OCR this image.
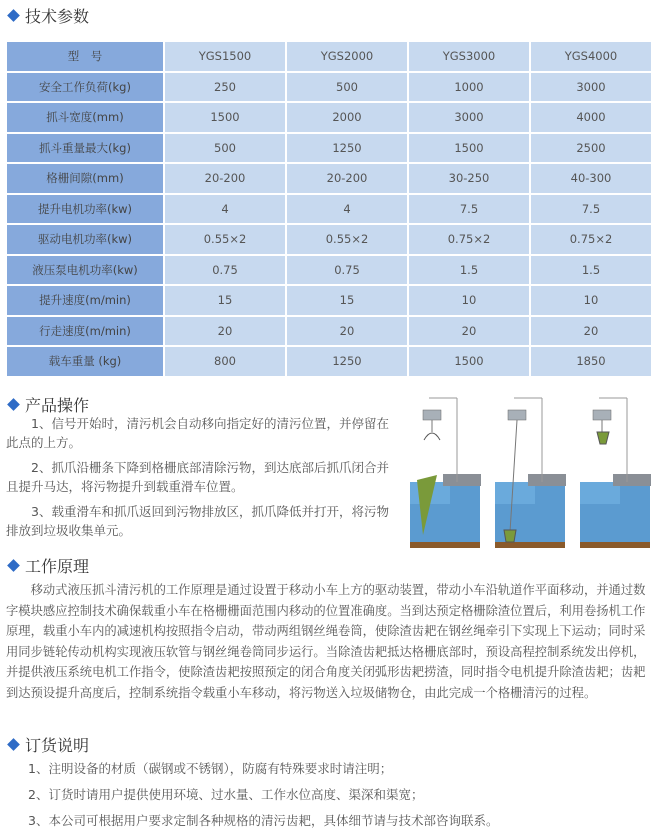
技术参数
型　号	YGS1500	YGS2000	YGS3000	YGS4000
安全工作负荷(kg)	250	500	1000	3000
抓斗宽度(mm)	1500	2000	3000	4000
抓斗重量最大(kg)	500	1250	1500	2500
格栅间隙(mm)	20-200	20-200	30-250	40-300
提升电机功率(kw)	4	4	7.5	7.5
驱动电机功率(kw)	0.55×2	0.55×2	0.75×2	0.75×2
液压泵电机功率(kw)	0.75	0.75	1.5	1.5
提升速度(m/min)	15	15	10	10
行走速度(m/min)	20	20	20	20
载车重量 (kg)	800	1250	1500	1850
产品操作
1、信号开始时，清污机会自动移向指定好的清污位置，并停留在此点的上方。
2、抓爪沿栅条下降到格栅底部清除污物，到达底部后抓爪闭合并且提升马达，将污物提升到载重滑车位置。
3、载重滑车和抓爪返回到污物排放区，抓爪降低并打开，将污物排放到垃圾收集单元。
工作原理
移动式液压抓斗清污机的工作原理是通过设置于移动小车上方的驱动装置，带动小车沿轨道作平面移动，并通过数字模块感应控制技术确保载重小车在格栅栅面范围内移动的位置准确度。当到达预定格栅除渣位置后，利用卷扬机工作原理，载重小车内的减速机构按照指令启动，带动两组钢丝绳卷筒，使除渣齿耙在钢丝绳牵引下实现上下运动；同时采用同步链轮传动机构实现液压软管与钢丝绳卷筒同步运行。当除渣齿耙抵达格栅底部时，预设高程控制系统发出停机，并提供液压系统电机工作指令，使除渣齿耙按照预定的闭合角度关闭弧形齿耙捞渣，同时指令电机提升除渣齿耙；齿耙到达预设提升高度后，控制系统指令载重小车移动，将污物送入垃圾储物仓，由此完成一个格栅清污的过程。
订货说明
1、注明设备的材质（碳钢或不锈钢），防腐有特殊要求时请注明；
2、订货时请用户提供使用环境、过水量、工作水位高度、渠深和渠宽；
3、本公司可根据用户要求定制各种规格的清污齿耙，具体细节请与技术部咨询联系。
